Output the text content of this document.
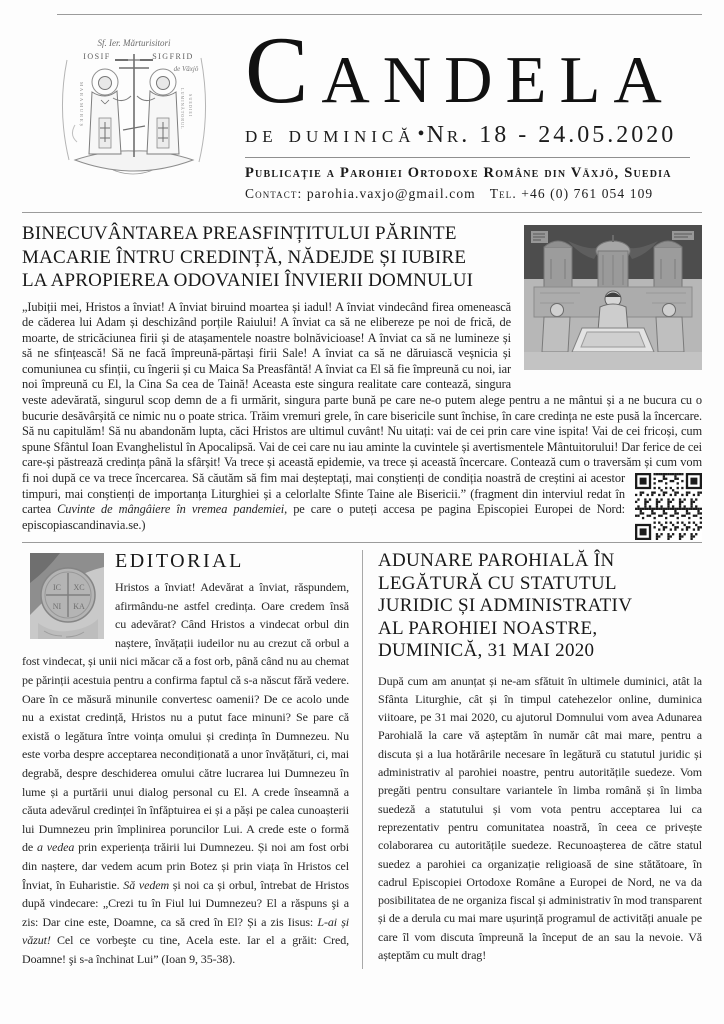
Sf. Ier. Mărturisitori
IOSIF	SIGFRID
de Văxjö
MARAMUREȘ	LUMINĂTORUL SUEDIEI Candela
de duminică •Nr. 18 - 24.05.2020
Publicație a Parohiei Ortodoxe Române din Växjö, Suedia
Contact: parohia.vaxjo@gmail.com Tel. +46 (0) 761 054 109
BINECUVÂNTAREA PREASFINȚITULUI PĂRINTE
MACARIE ÎNTRU CREDINȚĂ, NĂDEJDE ȘI IUBIRE
LA APROPIEREA ODOVANIEI ÎNVIERII DOMNULUI

„Iubiții mei, Hristos a înviat! A înviat biruind moartea și iadul! A înviat vindecând firea omenească de căderea lui Adam și deschizând porțile Raiului! A înviat ca să ne elibereze pe noi de frică, de moarte, de stricăciunea firii și de atașamentele noastre bolnăvicioase! A înviat ca să ne lumineze și să ne sfințească! Să ne facă împreună-părtași firii Sale! A înviat ca să ne dăruiască veșnicia și comuniunea cu sfinții, cu îngerii și cu Maica Sa Preasfântă! A înviat ca El să fie împreună cu noi, iar noi împreună cu El, la Cina Sa cea de Taină! Aceasta este singura realitate care contează, singura veste adevărată, singurul scop demn de a fi urmărit, singura parte bună pe care ne-o putem alege pentru a ne mântui și a ne bucura cu o bucurie desăvârșită ce nimic nu o poate strica. Trăim vremuri grele, în care bisericile sunt închise, în care credința ne este pusă la încercare. Să nu capitulăm! Să nu abandonăm lupta, căci Hristos are ultimul cuvânt! Nu uitați: vai de cei prin care vine ispita! Vai de cei fricoși, cum spune Sfântul Ioan Evanghelistul în Apocalipsă. Vai de cei care nu iau aminte la cuvintele și avertismentele Mântuitorului! Dar ferice de cei care-și păstrează credința până la sfârșit! Va trece și această epidemie, va trece și această încercare. Contează cum o traversăm și cum vom fi noi după ce va trece încercarea.
Să căutăm să fim mai deșteptați, mai conștienți de condiția noastră de creștini ai acestor timpuri, mai conștienți de importanța Liturghiei și a celorlalte Sfinte Taine ale Bisericii.” (fragment din interviul redat în cartea Cuvinte de mângâiere în vremea pandemiei, pe care o puteți accesa pe pagina Episcopiei Europei de Nord: episcopiascandinavia.se.)

IC XC
NI KA
EDITORIAL

Hristos a înviat! Adevărat a înviat, răspundem, afirmându-ne astfel credința. Oare credem însă cu adevărat? Când Hristos a vindecat orbul din naștere, învățații iudeilor nu au crezut că orbul a fost vindecat, și unii nici măcar că a fost orb, până când nu au chemat pe părinții acestuia pentru a confirma faptul că s-a născut fără vedere. Oare în ce măsură minunile convertesc oamenii? De ce acolo unde nu a existat credință, Hristos nu a putut face minuni? Se pare că există o legătura între voința omului și credința în Dumnezeu. Nu este vorba despre acceptarea necondiționată a unor învățături, ci, mai degrabă, despre deschiderea omului către lucrarea lui Dumnezeu în lume și a purtării unui dialog personal cu El. A crede înseamnă a căuta adevărul credinței în înfăptuirea ei și a păși pe calea cunoașterii lui Dumnezeu prin împlinirea poruncilor Lui. A crede este o formă de a vedea prin experiența trăirii lui Dumnezeu. Și noi am fost orbi din naștere, dar vedem acum prin Botez și prin viața în Hristos cel Înviat, în Euharistie. Să vedem și noi ca și orbul, întrebat de Hristos după vindecare: „Crezi tu în Fiul lui Dumnezeu? El a răspuns şi a zis: Dar cine este, Doamne, ca să cred în El? Și a zis Iisus: L-ai și văzut! Cel ce vorbeşte cu tine, Acela este. Iar el a grăit: Cred, Doamne! şi s-a închinat Lui” (Ioan 9, 35-38).

ADUNARE PAROHIALĂ ÎN
LEGĂTURĂ CU STATUTUL
JURIDIC ȘI ADMINISTRATIV
AL PAROHIEI NOASTRE,
DUMINICĂ, 31 MAI 2020

După cum am anunțat și ne-am sfătuit în ultimele duminici, atât la Sfânta Liturghie, cât și în timpul catehezelor online, duminica viitoare, pe 31 mai 2020, cu ajutorul Domnului vom avea Adunarea Parohială la care vă așteptăm în număr cât mai mare, pentru a discuta și a lua hotărârile necesare în legătură cu statutul juridic și administrativ al parohiei noastre, pentru autoritățile suedeze. Vom pregăti pentru consultare variantele în limba română și în limba suedeză a statutului și vom vota pentru acceptarea lui ca reprezentativ pentru comunitatea noastră, în ceea ce privește colaborarea cu autoritățile suedeze. Recunoașterea de către statul suedez a parohiei ca organizație religioasă de sine stătătoare, în cadrul Episcopiei Ortodoxe Române a Europei de Nord, ne va da posibilitatea de ne organiza fiscal și administrativ în mod transparent și de a derula cu mai mare ușurință programul de activități anuale pe care îl vom discuta împreună la început de an sau la nevoie. Vă așteptăm cu mult drag!
